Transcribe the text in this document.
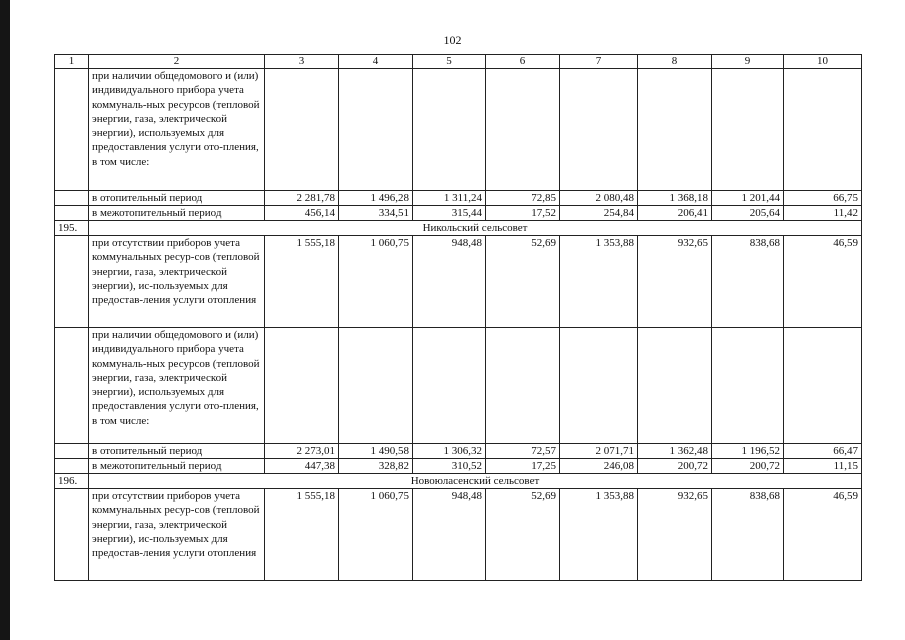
102
1	2	3	4	5	6	7	8	9	10
	при наличии общедомового и (или) индивидуального прибора учета коммуналь-ных ресурсов (тепловой энергии, газа, электрической энергии), используемых для предоставления услуги ото-пления, в том числе:								
	в отопительный период	2 281,78	1 496,28	1 311,24	72,85	2 080,48	1 368,18	1 201,44	66,75
	в межотопительный период	456,14	334,51	315,44	17,52	254,84	206,41	205,64	11,42
195.	Никольский сельсовет								
	при отсутствии приборов учета коммунальных ресур-сов (тепловой энергии, газа, электрической энергии), ис-пользуемых для предостав-ления услуги отопления	1 555,18	1 060,75	948,48	52,69	1 353,88	932,65	838,68	46,59
	при наличии общедомового и (или) индивидуального прибора учета коммуналь-ных ресурсов (тепловой энергии, газа, электрической энергии), используемых для предоставления услуги ото-пления, в том числе:								
	в отопительный период	2 273,01	1 490,58	1 306,32	72,57	2 071,71	1 362,48	1 196,52	66,47
	в межотопительный период	447,38	328,82	310,52	17,25	246,08	200,72	200,72	11,15
196.	Новоюласенский сельсовет								
	при отсутствии приборов учета коммунальных ресур-сов (тепловой энергии, газа, электрической энергии), ис-пользуемых для предостав-ления услуги отопления	1 555,18	1 060,75	948,48	52,69	1 353,88	932,65	838,68	46,59
